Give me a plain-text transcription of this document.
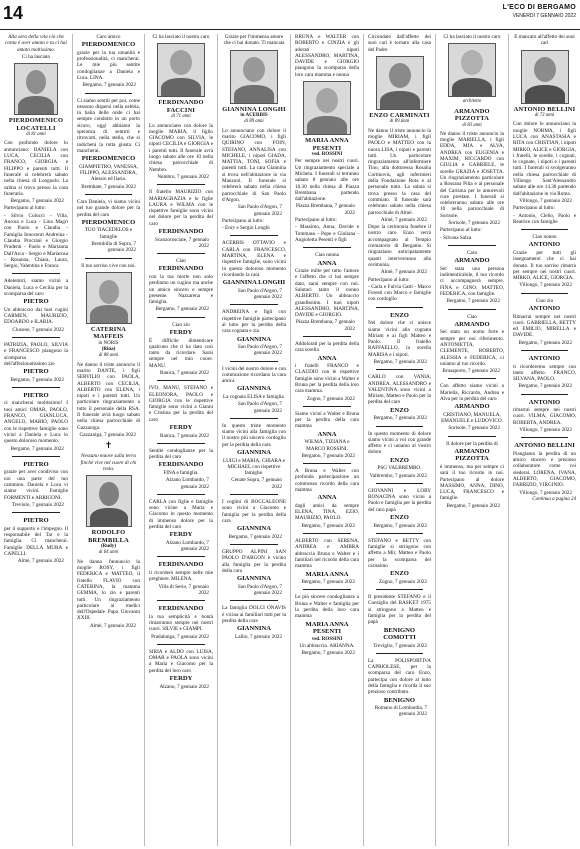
14	L'ECO DI BERGAMO
VENERDÌ 7 GENNAIO 2022

Alla sera della vita ciò che conta è aver amato e tu ci hai amato moltissimo.

Ci ha lasciato

PIERDOMENICO LOCATELLI
di 81 anni

Con profondo dolore lo annunciano: DANIELA con LUCA, CECILIA con FRANCO, GIORGIA e FILIPPO e parenti tutti. Il funerale si celebrerà sabato nella chiesa di Longuelo. La salma si trova presso la casa funeraria.

Bergamo, 7 gennaio 2022

Partecipano al lutto:

- Silvio Colucci - Villa, Aurora e Luca - Lina Magri con Paolo e Claudia - Famiglia Innocenti Andreina - Claudia Procrani e Giorgio Prudenti - Paolo e Marianna Dall'Arca - Sergio e Mariarosa - Rosanna, Chiara, Laura, Sergio, Valentina e Franca

Adelemiri, siamo vicini a Daniela, Luca e Cecilia per la scomparsa del caro

PIETRO

Un abbraccio dai tuoi cugini CARMEN, MAURIZIO, EDOARDO e ILARIA.

Clusone, 7 gennaio 2022

PATRIZIA, PAOLO, SILVIA e FRANCESCO piangono la scomparsa dell'affezionatissimo zio

PIETRO

Bergamo, 7 gennaio 2022

PIETRO

ci mancherai moltissimo! I tuoi amici OMAR, PAOLO, FRANCO, GIANLUCA, ANGELO, MARIO, PAOLO con le rispettive famiglie sono vicini a Daniela e Luca in questo doloroso momento.

Bergamo, 7 gennaio 2022

PIETRO

grazie per aver condiviso con noi una parte del tuo cammino. Daniela e Luca vi siamo vicini. Famiglie FORMENTI e ARRIGONI.

Treviolo, 7 gennaio 2022

PIETRO

per il supporto e l'impegno. Il responsabile del Tar e la famiglia. Ci mancherai. Famiglie DELLA MURA e CAPELLI.

Almè, 7 gennaio 2022

Caro amico

PIERDOMENICO

grazie per la tua umanità e professionalità, ci mancherai. Le mie più sentite condoglianze a Daniela e Luca. LINA.

Bergamo, 7 gennaio 2022

Ci siamo sentiti per poi, come nessuno dispersi nella nebbia, in balia delle onde ci hai sempre condotto in un porto sicuro, oggi abbiamo la speranza di sentirti e ritrovarti, nella stella, che si indicherà la rotta giusta. Ci mancherai.

PIERDOMENICO

GIAMPIETRO, VANESSA, FILIPPO, ALESSANDRA, Alessio ed Ilaria.

Brembate, 7 gennaio 2022

Cara Daniela, vi siamo vicini nel tuo grande dolore per la perdita del caro

PIERDOMENICO

TUO TIACEDELOS e famiglie

Brembilla di Sopra, 7 gennaio 2022

Il tuo sorriso vive con noi.

CATERINA MAFFEIS
in NORIS
(Rina)
di 88 anni

Ne danno il triste annuncio il marito DANTE, i figli SERVILIO con PAOLA, ALBERTO con CECILIA, ALBERTO con ELENA, i nipoti e i parenti tutti. Un particolare ringraziamento a tutto il personale della RSA. Il funerale avrà luogo sabato nella chiesa parrocchiale di Gazzaniga.

Gazzaniga, 7 gennaio 2022

✝

Nessuno muore sulla terra finché vive nel cuore di chi resta.

RODOLFO BREMBILLA
(Rudy)
di 64 anni

Ne danno l'annuncio la moglie ROSY, i figli FEDERICA e MATTEO, il fratello FLAVIO con CATERINA, la mamma GEMMA, lo zio e parenti tutti. Un ringraziamento particolare ai medici dell'Ospedale Papa Giovanni XXIII.

Almè, 7 gennaio 2022

Ci ha lasciato il nostro caro

FERDINANDO FACCINI
di 71 anni

Lo annunciano con dolore la moglie MARIA, il figlio GIACOMO con SILVIA, le nipoti CECILIA e GIORGIA e i parenti tutti. Il funerale avrà luogo sabato alle ore 10 nella chiesa parrocchiale di Nembro.

Nembro, 7 gennaio 2022

Il fratello MAURIZIO con MARIAGRAZIA e le figlie LAURA e WILMA con le rispettive famiglie sono vicini nel dolore per la perdita del caro

FERDINANDO

Scanzorosciate, 7 gennaio 2022

Ciao

FERDINANDO

con la tua morte non solo perdiamo un cugino ma anche un amico sincero e sempre presente. Nazzarena e famiglia.

Bergamo, 7 gennaio 2022

Ciao zio

FERDY

È difficile dimenticare qualcuno che ti ha dato così tanto da ricordare. Sarai sempre nel mio cuore. MANU.

Ranica, 7 gennaio 2022

IVO, MANU, STEFANO e ELEONORA, PAOLO e GIORGIA con le rispettive famiglie sono vicini a Gianni e Cristina per la perdita del caro

FERDY

Ranica, 7 gennaio 2022

Sentite condoglianze per la perdita del caro

FERDINANDO

FINA e famiglia.

Alzano Lombardo, 7 gennaio 2022

CARLA con figlie e famiglie sono vicine a Maria e Giacomo in questo momento di immenso dolore per la perdita del caro

FERDY

Alzano Lombardo, 7 gennaio 2022

FERDINANDO

ti ricorderò sempre nelle mie preghiere. MILENA.

Villa di Serio, 7 gennaio 2022

FERDINANDO

la tua semplicità e bontà rimarranno sempre nei nostri cuori. SILVIE e GIAMPI.

Pradalunga, 7 gennaio 2022

SIRIA e ALDO con LUISA, OMAR e PAOLA sono vicini a Maria e Giacomo per la perdita del loro caro

FERDY

Alzano, 7 gennaio 2022

Grazie per l'immensa amore che ci hai donato. Ti mancata

GIANNINA LONGHI
in ACERBIS
di 89 anni

Lo annunciano con dolore il marito GIACOMO, i figli QUIRINO con FOIN, STEFANO, ANNALISA con MICHELE, i nipoti GIADA, MATTIA, TONI, SOFIA e parenti tutti. La cara Giannina si trova nell'abitazione in via Manzoni. Il funerale si celebrerà sabato nella chiesa parrocchiale di San Paolo d'Argon.

San Paolo d'Argon, 7 gennaio 2022

Partecipano al lutto:

- Enry e Sergio Longhi

ACERBIS OTTAVIO e CARLA con FRANCESCO, MARTINA, ELENA e rispettive famiglie, sono vicini in questo doloroso momento ricordando la cara

GIANNINA LONGHI

San Paolo d'Argon, 7 gennaio 2022

ANDREINA e figli con rispettive famiglie partecipano al lutto per la perdita della cara cognata e zia

GIANNINA

San Paolo d'Argon, 7 gennaio 2022

I vicini del nostro dolore e con commozione ricordano la cara amica

GIANNINA

La cognata ELISA e famiglia.

San Paolo d'Argon, 7 gennaio 2022

In questo triste momento siamo vicini alla famiglia con il nostro più sincero cordoglio per la perdita della cara

GIANNINA

LUIGI e MARIA, CHIARA e MICHAEL con rispettive famiglie.

Cenate Sopra, 7 gennaio 2022

I coglini di BOCCALEONE sono vicini a Giacomo e famiglia per la perdita della cara

GIANNINA

Bergamo, 7 gennaio 2022

GRUPPO ALPINI SAN PAOLO D'ARGON è vicino alla famiglia per la perdita della cara

GIANNINA

San Paolo d'Argon, 7 gennaio 2022

La famiglia DOLCI ONAVIS è vicina ai familiari tutti per la perdita della cara

GIANNINA

Lallio, 7 gennaio 2022

BRUNA e WALTER con ROBERTO e CINZIA e gli adorati nipoti ALESSANDRO, MARTINA, DAVIDE e GIORGIO piangono la scomparsa della loro cara mamma e nonna

MARIA ANNA PESENTI
ved. ROSSINI

Per sempre nei nostri cuori. Un ringraziamento speciale a Michela. I funerali si terranno sabato 8 gennaio alle ore 10.30 nella chiesa di Piazza Brembana partendo dall'abitazione.

Piazza Brembana, 7 gennaio 2022

Partecipano al lutto:

- Massimo, Anna, Davide e Tommaso - Pupe e Giuliana - Angioletta Pesenti e figli

Ciao nonna

ANNA

Grazie mille per tutto l'amore e l'affetto che ci hai sempre dato, sarai sempre con noi. Salutaci tanto il nonno ALBERTO. Un abbraccio grandissimo. I tuoi nipoti ALESSANDRO, MARTINA, DAVIDE e GIORGIO.

Piazza Brembana, 7 gennaio 2022

Addolorati per la perdita della cara sorella

ANNA

i fratelli FRANCO e CLAUDIO con le rispettive famiglie sono vicini a Walter e Bruna per la perdita della loro cara mamma.

Zogno, 7 gennaio 2022

Siamo vicini a Walter e Bruna per la perdita della cara mamma

ANNA

WILMA, TIZIANA e MARCO ROSSINI.

Bergamo, 7 gennaio 2022

A Bruna e Walter con profonda partecipazione un commosso ricordo della cara mamma

ANNA

dagli amici da sempre ELENA, TINA, EZIO, MAURIZIO, PAOLO.

Bergamo, 7 gennaio 2022

ALBERTO con SERENA, ANDREA e AMBRA abbraccia Bruna e Walter e i familiari nel ricordo della cara mamma

MARIA ANNA

Bergamo, 7 gennaio 2022

Le più sincere condoglianze a Bruna e Walter e famiglia per la perdita della loro cara mamma

MARIA ANNA PESENTI
ved. ROSSINI

Un abbraccio. ARIANNA.

Bergamo, 7 gennaio 2022

Circondato dall'affetto dei suoi cari è tornato alla casa del Padre

ENZO CARMINATI
di 89 anni

Ne danno il triste annuncio la moglie MIRIAM, i figli PAOLO e MATTEO con la nuora LISA, i nipoti e parenti tutti. Un particolare ringraziamento all'infermiere Tino, alla dottoressa Rosalia Cortinovis, agli infermieri della Fondazione Rota e al personale tutto. La salma si trova presso la casa del commiato. Il funerale sarà celebrato sabato nella chiesa parrocchiale di Almè.

Almè, 7 gennaio 2022

Dopo la cerimonia funebre il nostro caro Enzo verrà accompagnato al Tempio crematorio di Bergamo. Si ringraziano anticipatamente quanti interverranno alla cerimonia.

Almè, 7 gennaio 2022

Partecipano al lutto:

- Carla e Fulvia Gatti - Marco Foresti con Marco e famiglie con cordoglio

ENZO

Nel dolore che ci unisce siamo vicini alla cognata Miriam e ai figli Matteo e Paolo. Il fratello RAFFAELLO, la sorella MARISA e i nipoti.

Bergamo, 7 gennaio 2022

CARLO con VANIA, ANDREA, ALESSANDRO e VALENTINA sono vicini a Miriam, Matteo e Paolo per la perdita del caro

ENZO

Bergamo, 7 gennaio 2022

In questo momento di dolore siamo vicini a voi con grande affetto e ci uniamo al vostro dolore.

ENZO

PSG VALBREMBO.

Valbrembo, 7 gennaio 2022

GIOVANNI e LORY BONACINA sono vicini a Paolo e famiglia per la perdita del caro papà

ENZO

Bergamo, 7 gennaio 2022

STEFANO e BETTY con famiglie si stringono con affetto a Mir, Matteo e Paolo per la scomparsa del carissimo

ENZO

Zogno, 7 gennaio 2022

Il presidente STEFANO e il Consiglio del BASKET 1975 si stringono a Matteo e famiglia per la perdita del papà

BENIGNO COMOTTI

Treviglio, 7 gennaio 2022

La POLISPORTIVA CAPRIOLESE, per la scomparsa del caro Enzo, partecipa con dolore al lutto della famiglia e ricorda il suo prezioso contributo.

BENIGNO

Romano di Lombardia, 7 gennaio 2022

Ci ha lasciato il nostro caro

architetto
ARMANDO PIZZOTTA
di 83 anni

Ne danno il triste annuncio la moglie MARIELLA, i figli EDDA, MIA e ALVA, ANDREA con EUGENIA e MAXIM, RICCARDO con GIULIA e GABRIELE, le sorelle GRAZIA e JOSETTA. Un ringraziamento particolare a Rossana Pilia e al personale del Carisma per le amorevoli cure prestate. I funerali si celebreranno sabato alle ore 10 nella parrocchiale di Sorisole.

Sorisole, 7 gennaio 2022

Partecipano al lutto:

- Silvana Salza

Caro

ARMANDO

Sei stata una persona indimenticabile, il tuo ricordo ci accompagnerà sempre. FINA e GINO, MATTEO, FEDERICA, con famiglie.

Bergamo, 7 gennaio 2022

Ciao

ARMANDO

Sei stato un uomo forte e sempre per noi riferimento. ANTONIETTA, CLEMENTE, ROBERTO, ALESSIA e FEDERICA, ci uniamo al tuo ricordo.

Brusaporto, 7 gennaio 2022

Con affetto siamo vicini a Mariella, Riccardo, Andrea e Alva per la perdita del caro

ARMANDO

CRISTIANO, MANUELA, EMANUELE e LUDOVICO.

Sorisole, 7 gennaio 2022

Il dolore per la perdita di

ARMANDO PIZZOTTA

è immenso, ma per sempre ci sarà il tuo ricordo in noi. Partecipano al dolore MASSIMO, ANNA, DINO, LUCA, FRANCESCO e famiglie.

Bergamo, 7 gennaio 2022

È mancato all'affetto dei suoi cari

ANTONIO BELLINI
di 73 anni

Con dolore lo annunciano la moglie NORMA, i figli LUCA con ANASTASIA e RITA con CRISTIAN, i nipoti MIRKO, ALICE e GIORGIA, i fratelli, le sorelle, i cognati, le cognate, i nipoti e i parenti tutti. I funerali si svolgeranno nella chiesa parrocchiale di Villongo Sant'Alessandro sabato alle ore 14.30 partendo dall'abitazione in via Roma.

Villongo, 7 gennaio 2022

Partecipano al lutto:

- Antonio, Clelio, Paolo e Beatrice con famiglie

Ciao nonno

ANTONIO

Grazie per tutti gli insegnamenti che ci hai donato. Il tuo sorriso rimarrà per sempre nei nostri cuori. MIRKO, ALICE, GIORGIA.

Villongo, 7 gennaio 2022

Ciao zio

ANTONIO

Rimarrai sempre nei nostri cuori. GABRIELLA, BETTY ed EMILIO, MIRELLA e DAVIDE.

Bergamo, 7 gennaio 2022

ANTONIO

ti ricorderemo sempre con tanto affetto. FRANCO, SILVANA, PAOLO.

Bergamo, 7 gennaio 2022

ANTONIO

rimarrai sempre nei nostri cuori. VILMA, GIACOMO, ROBERTA, ANDREA.

Villongo, 7 gennaio 2022

ANTONIO BELLINI

Piangiamo la perdita di un amico sincero e prezioso collaboratore come voi siederai. LORENA, IVANA, ALBERTO, GIACOMO, FABRIZIO, VIRGINIO.

Villongo, 7 gennaio 2022

Continua a pagina 24
